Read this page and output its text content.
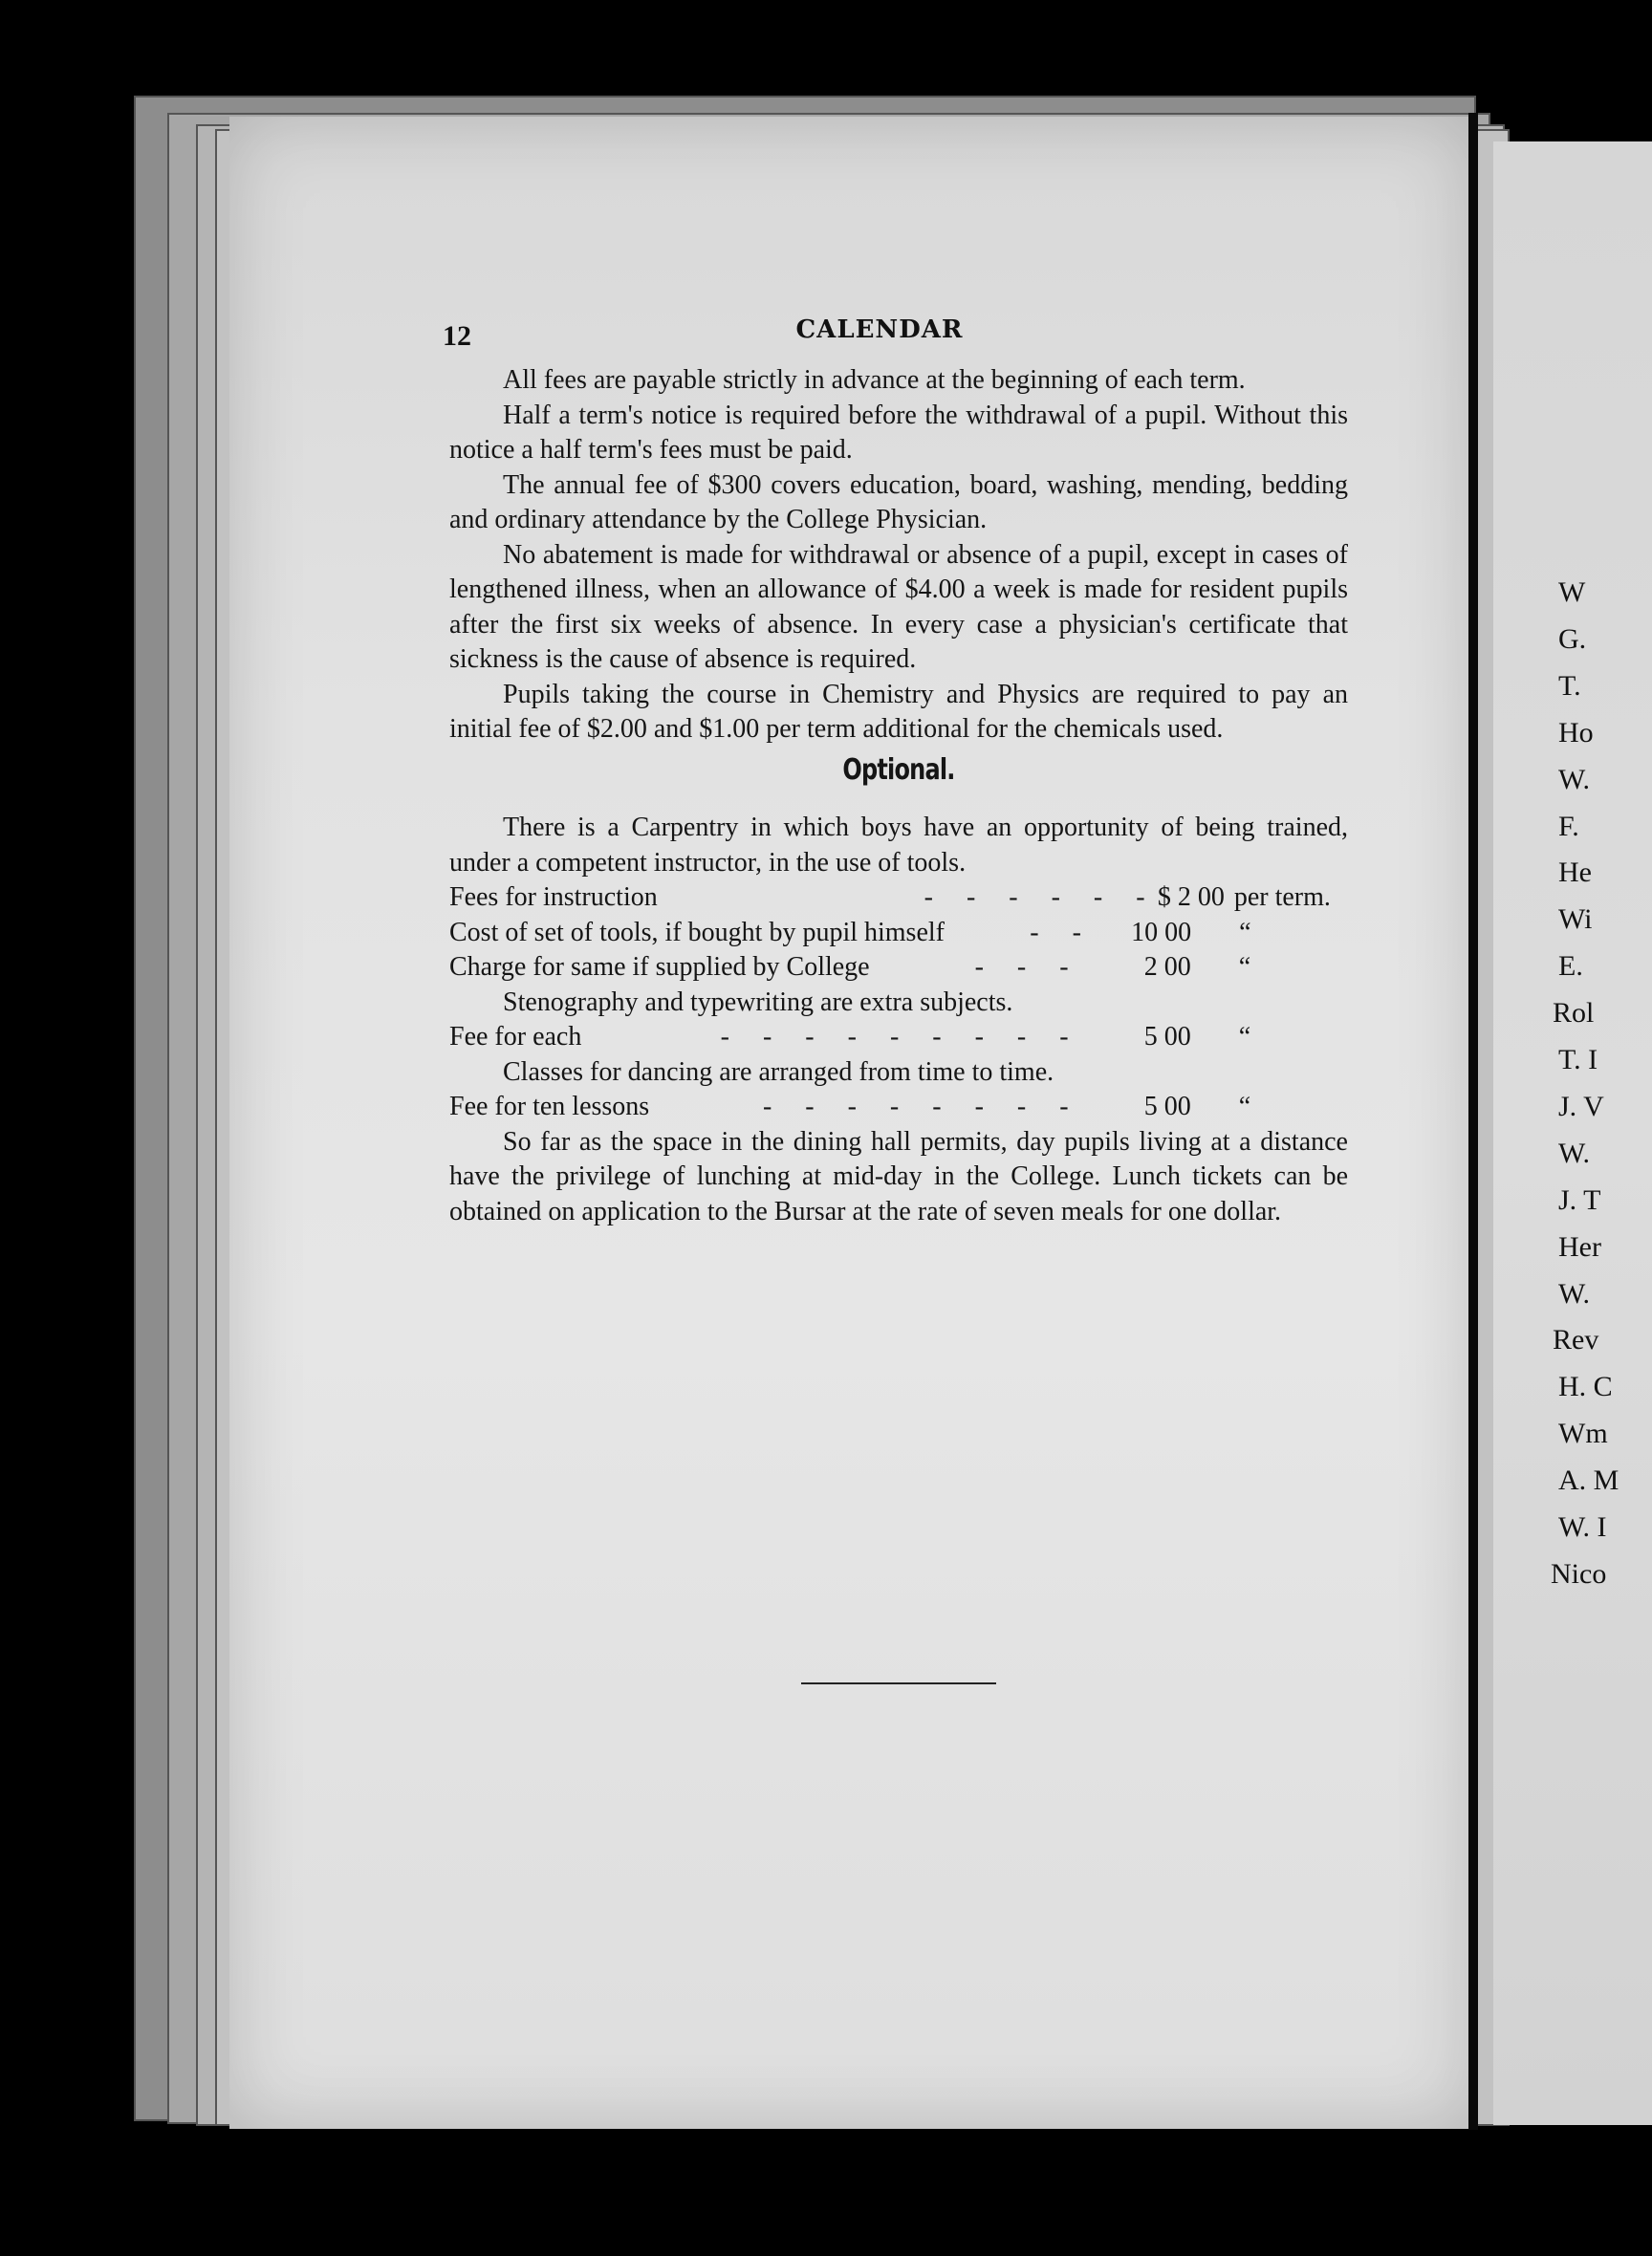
12	CALENDAR

All fees are payable strictly in advance at the beginning of each term.

Half a term's notice is required before the withdrawal of a pupil. Without this notice a half term's fees must be paid.

The annual fee of $300 covers education, board, washing, mending, bedding and ordinary attendance by the College Physician.

No abatement is made for withdrawal or absence of a pupil, except in cases of lengthened illness, when an allowance of $4.00 a week is made for resident pupils after the first six weeks of absence. In every case a physician's certificate that sickness is the cause of absence is required.

Pupils taking the course in Chemistry and Physics are required to pay an initial fee of $2.00 and $1.00 per term additional for the chemicals used.

Optional.

There is a Carpentry in which boys have an opportunity of being trained, under a competent instructor, in the use of tools.

Fees for instruction	- - - - - - $ 2 00 per term.
Cost of set of tools, if bought by pupil himself	- -	10 00	“
Charge for same if supplied by College	- - -	2 00	“

Stenography and typewriting are extra subjects.

Fee for each	- - - - - - - - -	5 00	“

Classes for dancing are arranged from time to time.

Fee for ten lessons	- - - - - - - -	5 00	“

So far as the space in the dining hall permits, day pupils living at a distance have the privilege of lunching at mid-day in the College. Lunch tickets can be obtained on application to the Bursar at the rate of seven meals for one dollar.

W
G.
T.
Ho
W.
F.
He
Wi
E.
Rol
T. I
J. V
W.
J. T
Her
W.
Rev
H. C
Wm
A. M
W. I
Nico
